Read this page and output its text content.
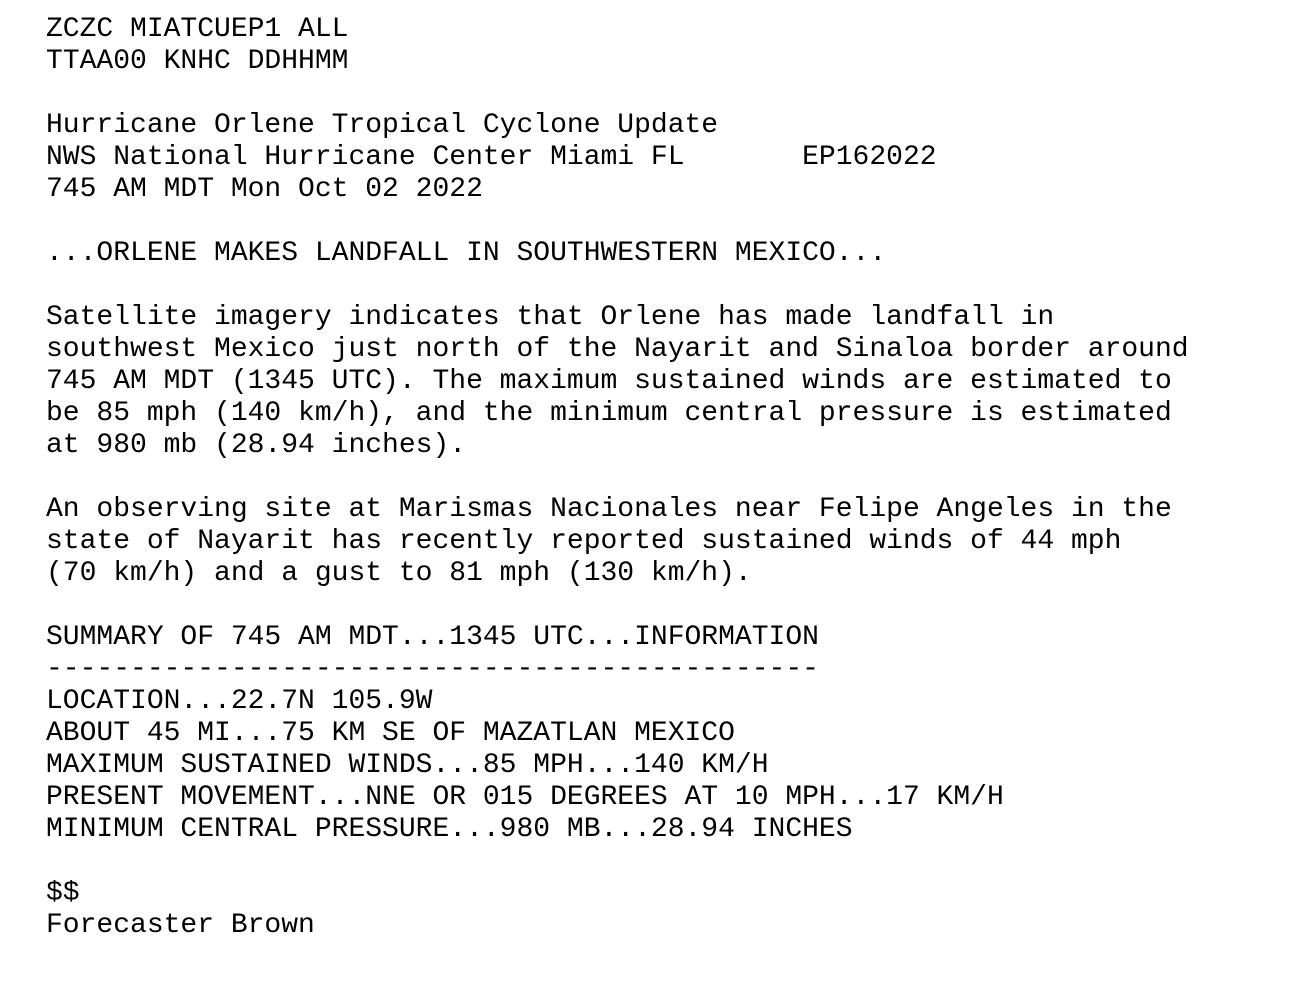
ZCZC MIATCUEP1 ALL
TTAA00 KNHC DDHHMM
Hurricane Orlene Tropical Cyclone Update
NWS National Hurricane Center Miami FL       EP162022
745 AM MDT Mon Oct 02 2022
...ORLENE MAKES LANDFALL IN SOUTHWESTERN MEXICO...
Satellite imagery indicates that Orlene has made landfall in
southwest Mexico just north of the Nayarit and Sinaloa border around
745 AM MDT (1345 UTC). The maximum sustained winds are estimated to
be 85 mph (140 km/h), and the minimum central pressure is estimated
at 980 mb (28.94 inches).
An observing site at Marismas Nacionales near Felipe Angeles in the
state of Nayarit has recently reported sustained winds of 44 mph
(70 km/h) and a gust to 81 mph (130 km/h).
SUMMARY OF 745 AM MDT...1345 UTC...INFORMATION
----------------------------------------------
LOCATION...22.7N 105.9W
ABOUT 45 MI...75 KM SE OF MAZATLAN MEXICO
MAXIMUM SUSTAINED WINDS...85 MPH...140 KM/H
PRESENT MOVEMENT...NNE OR 015 DEGREES AT 10 MPH...17 KM/H
MINIMUM CENTRAL PRESSURE...980 MB...28.94 INCHES
$$
Forecaster Brown
